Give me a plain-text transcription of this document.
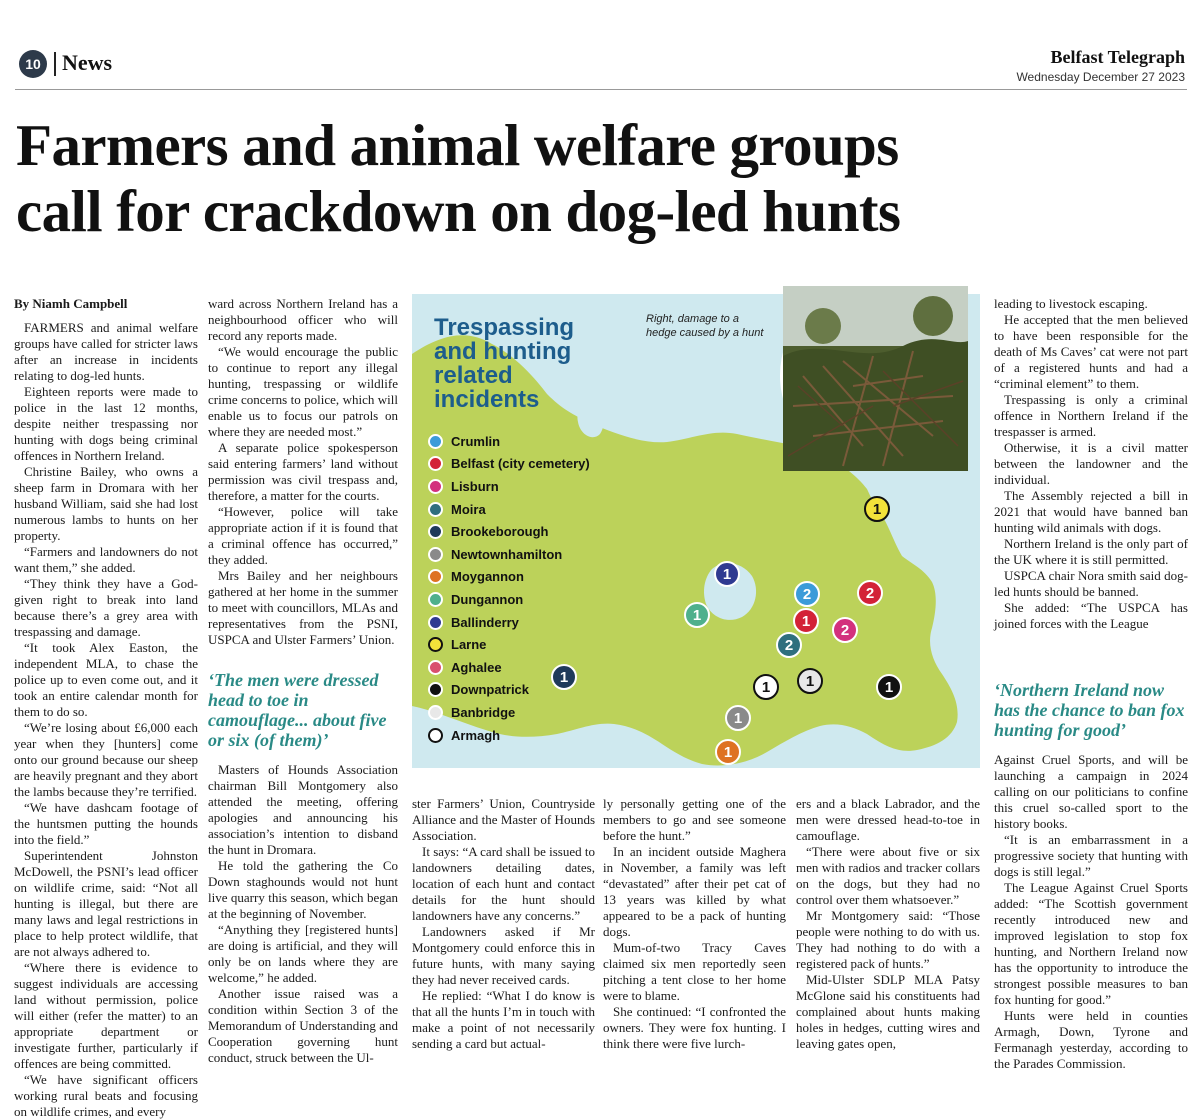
10 News	Belfast Telegraph
Wednesday December 27 2023
Farmers and animal welfare groups
call for crackdown on dog-led hunts
By Niamh Campbell

FARMERS and animal welfare groups have called for stricter laws after an increase in incidents relating to dog-led hunts.

Eighteen reports were made to police in the last 12 months, despite neither trespassing nor hunting with dogs being criminal offences in Northern Ireland.

Christine Bailey, who owns a sheep farm in Dromara with her husband William, said she had lost numerous lambs to hunts on her property.

“Farmers and landowners do not want them,” she added.

“They think they have a God-given right to break into land because there’s a grey area with trespassing and damage.

“It took Alex Easton, the independent MLA, to chase the police up to even come out, and it took an entire calendar month for them to do so.

“We’re losing about £6,000 each year when they [hunters] come onto our ground because our sheep are heavily pregnant and they abort the lambs because they’re terrified.

“We have dashcam footage of the huntsmen putting the hounds into the field.”

Superintendent Johnston McDowell, the PSNI’s lead officer on wildlife crime, said: “Not all hunting is illegal, but there are many laws and legal restrictions in place to help protect wildlife, that are not always adhered to.

“Where there is evidence to suggest individuals are accessing land without permission, police will either (refer the matter) to an appropriate department or investigate further, particularly if offences are being committed.

“We have significant officers working rural beats and focusing on wildlife crimes, and every

ward across Northern Ireland has a neighbourhood officer who will record any reports made.

“We would encourage the public to continue to report any illegal hunting, trespassing or wildlife crime concerns to police, which will enable us to focus our patrols on where they are needed most.”

A separate police spokesperson said entering farmers’ land without permission was civil trespass and, therefore, a matter for the courts.

“However, police will take appropriate action if it is found that a criminal offence has occurred,” they added.

Mrs Bailey and her neighbours gathered at her home in the summer to meet with councillors, MLAs and representatives from the PSNI, USPCA and Ulster Farmers’ Union.

‘The men were dressed head to toe in camouflage... about five or six (of them)’

Masters of Hounds Association chairman Bill Montgomery also attended the meeting, offering apologies and announcing his association’s intention to disband the hunt in Dromara.

He told the gathering the Co Down staghounds would not hunt live quarry this season, which began at the beginning of November.

“Anything they [registered hunts] are doing is artificial, and they will only be on lands where they are welcome,” he added.

Another issue raised was a condition within Section 3 of the Memorandum of Understanding and Cooperation governing hunt conduct, struck between the Ul-

ster Farmers’ Union, Countryside Alliance and the Master of Hounds Association.

It says: “A card shall be issued to landowners detailing dates, location of each hunt and contact details for the hunt should landowners have any concerns.”

Landowners asked if Mr Montgomery could enforce this in future hunts, with many saying they had never received cards.

He replied: “What I do know is that all the hunts I’m in touch with make a point of not necessarily sending a card but actual-

ly personally getting one of the members to go and see someone before the hunt.”

In an incident outside Maghera in November, a family was left “devastated” after their pet cat of 13 years was killed by what appeared to be a pack of hunting dogs.

Mum-of-two Tracy Caves claimed six men reportedly seen pitching a tent close to her home were to blame.

She continued: “I confronted the owners. They were fox hunting. I think there were five lurch-

ers and a black Labrador, and the men were dressed head-to-toe in camouflage.

“There were about five or six men with radios and tracker collars on the dogs, but they had no control over them whatsoever.”

Mr Montgomery said: “Those people were nothing to do with us. They had nothing to do with a registered pack of hunts.”

Mid-Ulster SDLP MLA Patsy McGlone said his constituents had complained about hunts making holes in hedges, cutting wires and leaving gates open,

leading to livestock escaping.

He accepted that the men believed to have been responsible for the death of Ms Caves’ cat were not part of a registered hunts and had a “criminal element” to them.

Trespassing is only a criminal offence in Northern Ireland if the trespasser is armed.

Otherwise, it is a civil matter between the landowner and the individual.

The Assembly rejected a bill in 2021 that would have banned ban hunting wild animals with dogs.

Northern Ireland is the only part of the UK where it is still permitted.

USPCA chair Nora smith said dog-led hunts should be banned.

She added: “The USPCA has joined forces with the League

‘Northern Ireland now has the chance to ban fox hunting for good’

Against Cruel Sports, and will be launching a campaign in 2024 calling on our politicians to confine this cruel so-called sport to the history books.

“It is an embarrassment in a progressive society that hunting with dogs is still legal.”

The League Against Cruel Sports added: “The Scottish government recently introduced new and improved legislation to stop fox hunting, and Northern Ireland now has the opportunity to introduce the strongest possible measures to ban fox hunting for good.”

Hunts were held in counties Armagh, Down, Tyrone and Fermanagh yesterday, according to the Parades Commission.

Trespassing
and hunting
related
incidents
Right, damage to a hedge caused by a hunt
Crumlin
Belfast (city cemetery)
Lisburn
Moira
Brookeborough
Newtownhamilton
Moygannon
Dungannon
Ballinderry
Larne
Aghalee
Downpatrick
Banbridge
Armagh
1
1
2	2
1
2
2
1
1
1	1	1
1
1
